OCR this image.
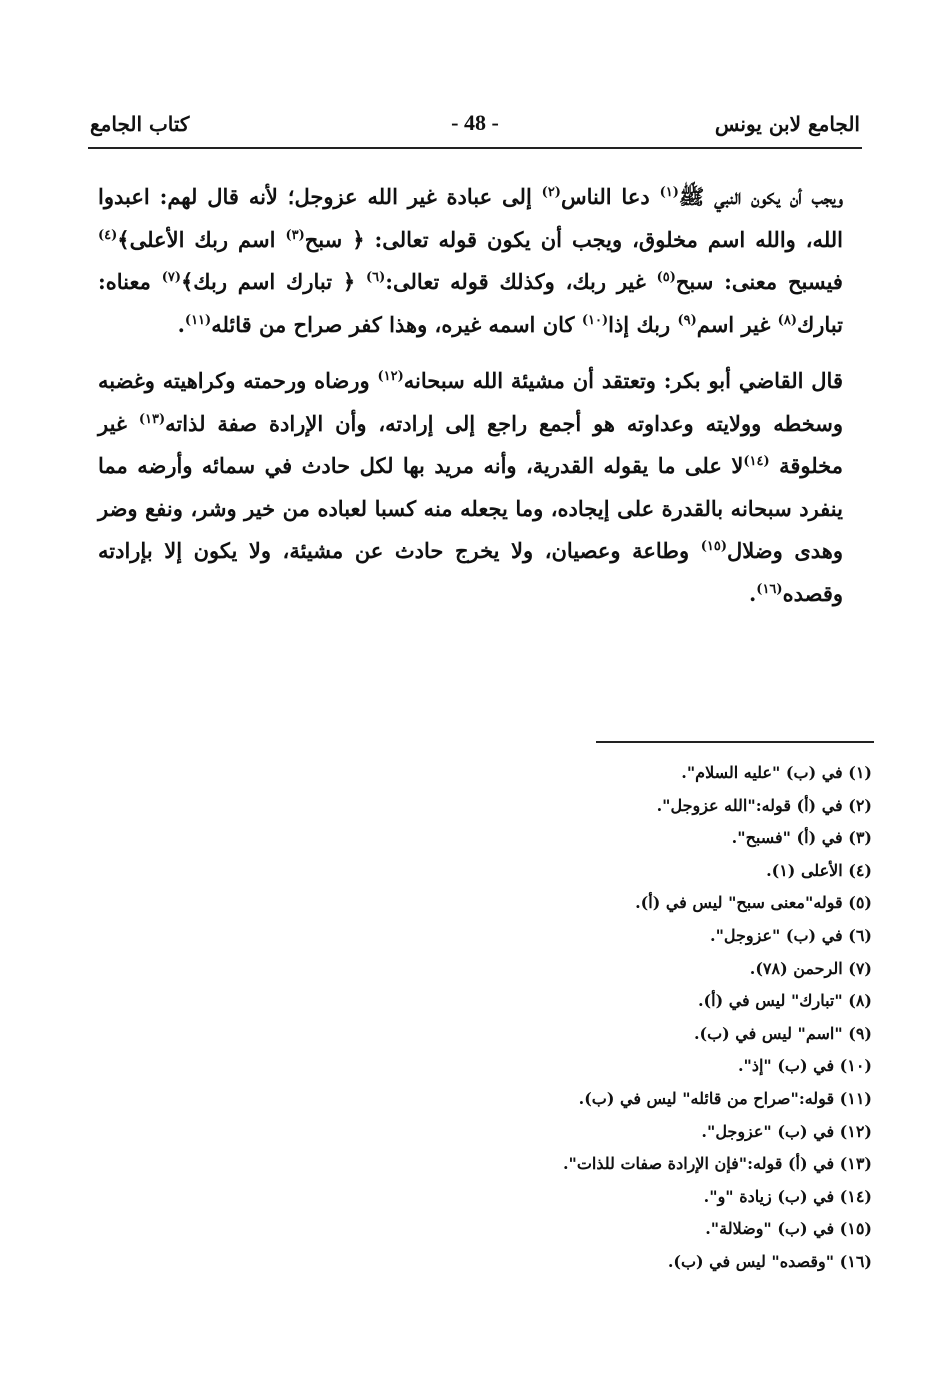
الجامع لابن يونس
- 48 -
كتاب الجامع

ويجب أن يكون النبي ﷺ$^{(١)}$ دعا الناس$^{(٢)}$ إلى عبادة غير الله عزوجل؛ لأنه قال لهم: اعبدوا الله، والله اسم مخلوق، ويجب أن يكون قوله تعالى: ﴿ سبح$^{(٣)}$ اسم ربك الأعلى﴾$^{(٤)}$ فيسبح معنى: سبح$^{(٥)}$ غير ربك، وكذلك قوله تعالى:$^{(٦)}$ ﴿ تبارك اسم ربك﴾$^{(٧)}$ معناه: تبارك$^{(٨)}$ غير اسم$^{(٩)}$ ربك إذا$^{(١٠)}$ كان اسمه غيره، وهذا كفر صراح من قائله$^{(١١)}$.

قال القاضي أبو بكر: وتعتقد أن مشيئة الله سبحانه$^{(١٢)}$ ورضاه ورحمته وكراهيته وغضبه وسخطه وولايته وعداوته هو أجمع راجع إلى إرادته، وأن الإرادة صفة لذاته$^{(١٣)}$ غير مخلوقة $^{(١٤)}$لا على ما يقوله القدرية، وأنه مريد بها لكل حادث في سمائه وأرضه مما ينفرد سبحانه بالقدرة على إيجاده، وما يجعله منه كسبا لعباده من خير وشر، ونفع وضر وهدى وضلال$^{(١٥)}$ وطاعة وعصيان، ولا يخرج حادث عن مشيئة، ولا يكون إلا بإرادته وقصده$^{(١٦)}$.

(١) في (ب) "عليه السلام".
(٢) في (أ) قوله:"الله عزوجل".
(٣) في (أ) "فسبح".
(٤) الأعلى (١).
(٥) قوله"معنى سبح" ليس في (أ).
(٦) في (ب) "عزوجل".
(٧) الرحمن (٧٨).
(٨) "تبارك" ليس في (أ).
(٩) "اسم" ليس في (ب).
(١٠) في (ب) "إذ".
(١١) قوله:"صراح من قائله" ليس في (ب).
(١٢) في (ب) "عزوجل".
(١٣) في (أ) قوله:"فإن الإرادة صفات للذات".
(١٤) في (ب) زيادة "و".
(١٥) في (ب) "وضلالة".
(١٦) "وقصده" ليس في (ب).
